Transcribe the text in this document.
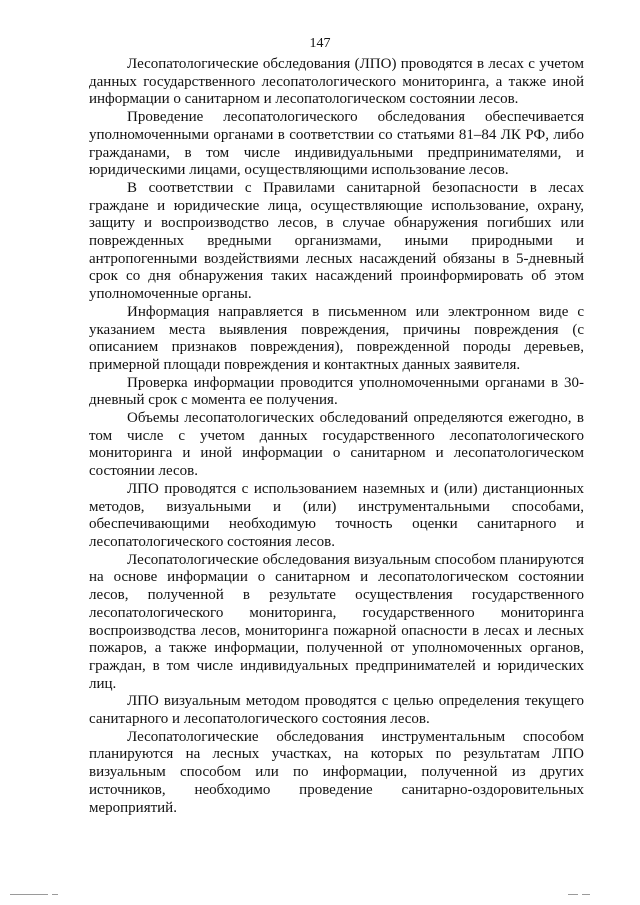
147

Лесопатологические обследования (ЛПО) проводятся в лесах с учетом данных государственного лесопатологического мониторинга, а также иной информации о санитарном и лесопатологическом состоянии лесов.

Проведение лесопатологического обследования обеспечивается уполномоченными органами в соответствии со статьями 81–84 ЛК РФ, либо гражданами, в том числе индивидуальными предпринимателями, и юридическими лицами, осуществляющими использование лесов.

В соответствии с Правилами санитарной безопасности в лесах граждане и юридические лица, осуществляющие использование, охрану, защиту и воспроизводство лесов, в случае обнаружения погибших или поврежденных вредными организмами, иными природными и антропогенными воздействиями лесных насаждений обязаны в 5-дневный срок со дня обнаружения таких насаждений проинформировать об этом уполномоченные органы.

Информация направляется в письменном или электронном виде с указанием места выявления повреждения, причины повреждения (с описанием признаков повреждения), поврежденной породы деревьев, примерной площади повреждения и контактных данных заявителя.

Проверка информации проводится уполномоченными органами в 30-дневный срок с момента ее получения.

Объемы лесопатологических обследований определяются ежегодно, в том числе с учетом данных государственного лесопатологического мониторинга и иной информации о санитарном и лесопатологическом состоянии лесов.

ЛПО проводятся с использованием наземных и (или) дистанционных методов, визуальными и (или) инструментальными способами, обеспечивающими необходимую точность оценки санитарного и лесопатологического состояния лесов.

Лесопатологические обследования визуальным способом планируются на основе информации о санитарном и лесопатологическом состоянии лесов, полученной в результате осуществления государственного лесопатологического мониторинга, государственного мониторинга воспроизводства лесов, мониторинга пожарной опасности в лесах и лесных пожаров, а также информации, полученной от уполномоченных органов, граждан, в том числе индивидуальных предпринимателей и юридических лиц.

ЛПО визуальным методом проводятся с целью определения текущего санитарного и лесопатологического состояния лесов.

Лесопатологические обследования инструментальным способом планируются на лесных участках, на которых по результатам ЛПО визуальным способом или по информации, полученной из других источников, необходимо проведение санитарно-оздоровительных мероприятий.
